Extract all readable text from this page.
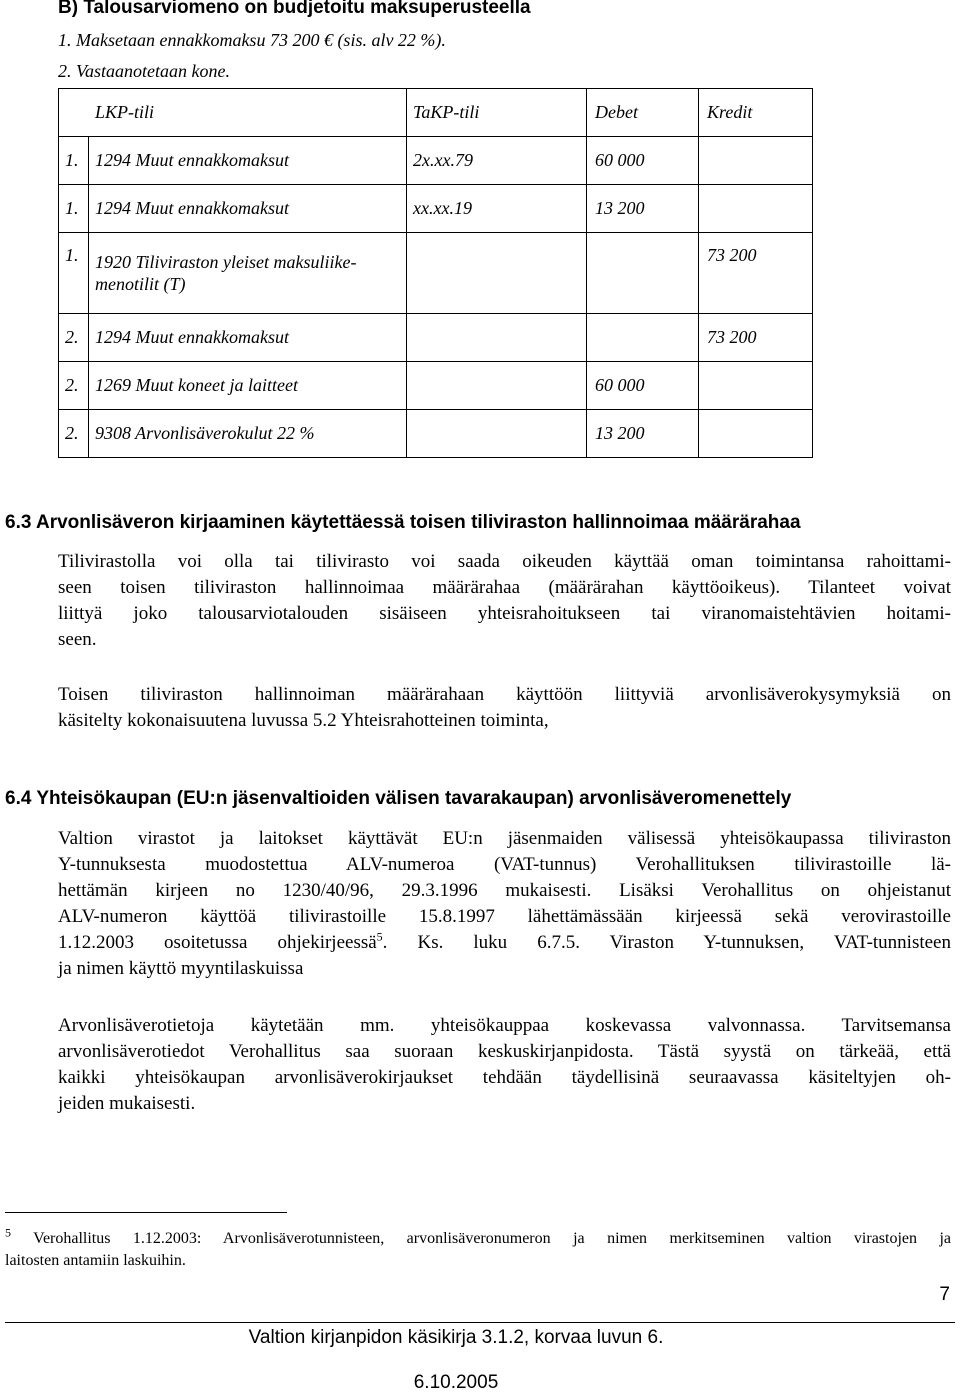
B) Talousarviomeno on budjetoitu maksuperusteella
1. Maksetaan ennakkomaksu 73 200 € (sis. alv 22 %).
2. Vastaanotetaan kone.
LKP-tili		TaKP-tili	Debet	Kredit
1.	1294 Muut ennakkomaksut	2x.xx.79	60 000	
1.	1294 Muut ennakkomaksut	xx.xx.19	13 200	
1.	1920 Tiliviraston yleiset maksuliike-menotilit (T)			73 200
2.	1294 Muut ennakkomaksut			73 200
2.	1269 Muut koneet ja laitteet		60 000	
2.	9308 Arvonlisäverokulut 22 %		13 200	
6.3 Arvonlisäveron kirjaaminen käytettäessä toisen tiliviraston hallinnoimaa määrärahaa
Tilivirastolla voi olla tai tilivirasto voi saada oikeuden käyttää oman toimintansa rahoittami-
seen toisen tiliviraston hallinnoimaa määrärahaa (määrärahan käyttöoikeus). Tilanteet voivat
liittyä joko talousarviotalouden sisäiseen yhteisrahoitukseen tai viranomaistehtävien hoitami-
seen.
Toisen tiliviraston hallinnoiman määrärahaan käyttöön liittyviä arvonlisäverokysymyksiä on
käsitelty kokonaisuutena luvussa 5.2 Yhteisrahotteinen toiminta,
6.4 Yhteisökaupan (EU:n jäsenvaltioiden välisen tavarakaupan) arvonlisäveromenettely
Valtion virastot ja laitokset käyttävät EU:n jäsenmaiden välisessä yhteisökaupassa tiliviraston
Y-tunnuksesta muodostettua ALV-numeroa (VAT-tunnus) Verohallituksen tilivirastoille lä-
hettämän kirjeen no 1230/40/96, 29.3.1996 mukaisesti. Lisäksi Verohallitus on ohjeistanut
ALV-numeron käyttöä tilivirastoille 15.8.1997 lähettämässään kirjeessä sekä verovirastoille
1.12.2003 osoitetussa ohjekirjeessä$^5$. Ks. luku 6.7.5. Viraston Y-tunnuksen, VAT-tunnisteen
ja nimen käyttö myyntilaskuissa
Arvonlisäverotietoja käytetään mm. yhteisökauppaa koskevassa valvonnassa. Tarvitsemansa
arvonlisäverotiedot Verohallitus saa suoraan keskuskirjanpidosta. Tästä syystä on tärkeää, että
kaikki yhteisökaupan arvonlisäverokirjaukset tehdään täydellisinä seuraavassa käsiteltyjen oh-
jeiden mukaisesti.
$^5$ Verohallitus 1.12.2003: Arvonlisäverotunnisteen, arvonlisäveronumeron ja nimen merkitseminen valtion virastojen ja
laitosten antamiin laskuihin.
7
Valtion kirjanpidon käsikirja 3.1.2, korvaa luvun 6.
6.10.2005
